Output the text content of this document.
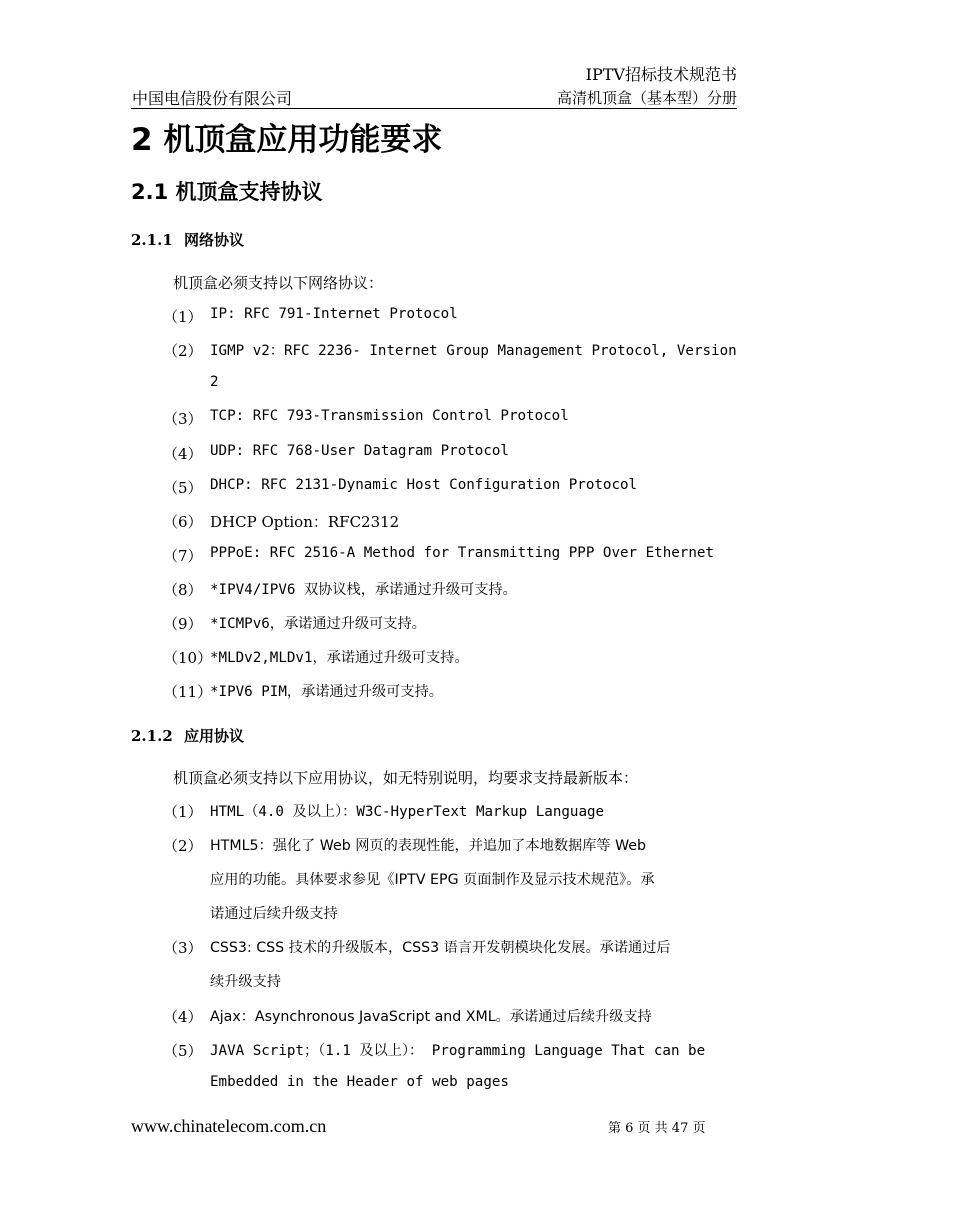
IPTV招标技术规范书
中国电信股份有限公司	高清机顶盒（基本型）分册
2 机顶盒应用功能要求
2.1 机顶盒支持协议
2.1.1 网络协议
机顶盒必须支持以下网络协议：
（1） IP: RFC 791-Internet Protocol
（2） IGMP v2：RFC 2236- Internet Group Management Protocol, Version
2
（3） TCP: RFC 793-Transmission Control Protocol
（4） UDP: RFC 768-User Datagram Protocol
（5） DHCP: RFC 2131-Dynamic Host Configuration Protocol
（6） DHCP Option：RFC2312
（7） PPPoE: RFC 2516-A Method for Transmitting PPP Over Ethernet
（8） *IPV4/IPV6 双协议栈，承诺通过升级可支持。
（9） *ICMPv6，承诺通过升级可支持。
（10）
*MLDv2,MLDv1，承诺通过升级可支持。
（11）
*IPV6 PIM，承诺通过升级可支持。
2.1.2 应用协议
机顶盒必须支持以下应用协议，如无特别说明，均要求支持最新版本：
（1） HTML（4.0 及以上）：W3C-HyperText Markup Language
（2） HTML5：强化了 Web 网页的表现性能，并追加了本地数据库等 Web
应用的功能。具体要求参见《IPTV EPG 页面制作及显示技术规范》。承
诺通过后续升级支持
（3） CSS3: CSS 技术的升级版本，CSS3 语言开发朝模块化发展。承诺通过后
续升级支持
（4） Ajax：Asynchronous JavaScript and XML。承诺通过后续升级支持
（5） JAVA Script；（1.1 及以上）： Programming Language That can be
Embedded in the Header of web pages
www.chinatelecom.com.cn	第 6 页 共 47 页
